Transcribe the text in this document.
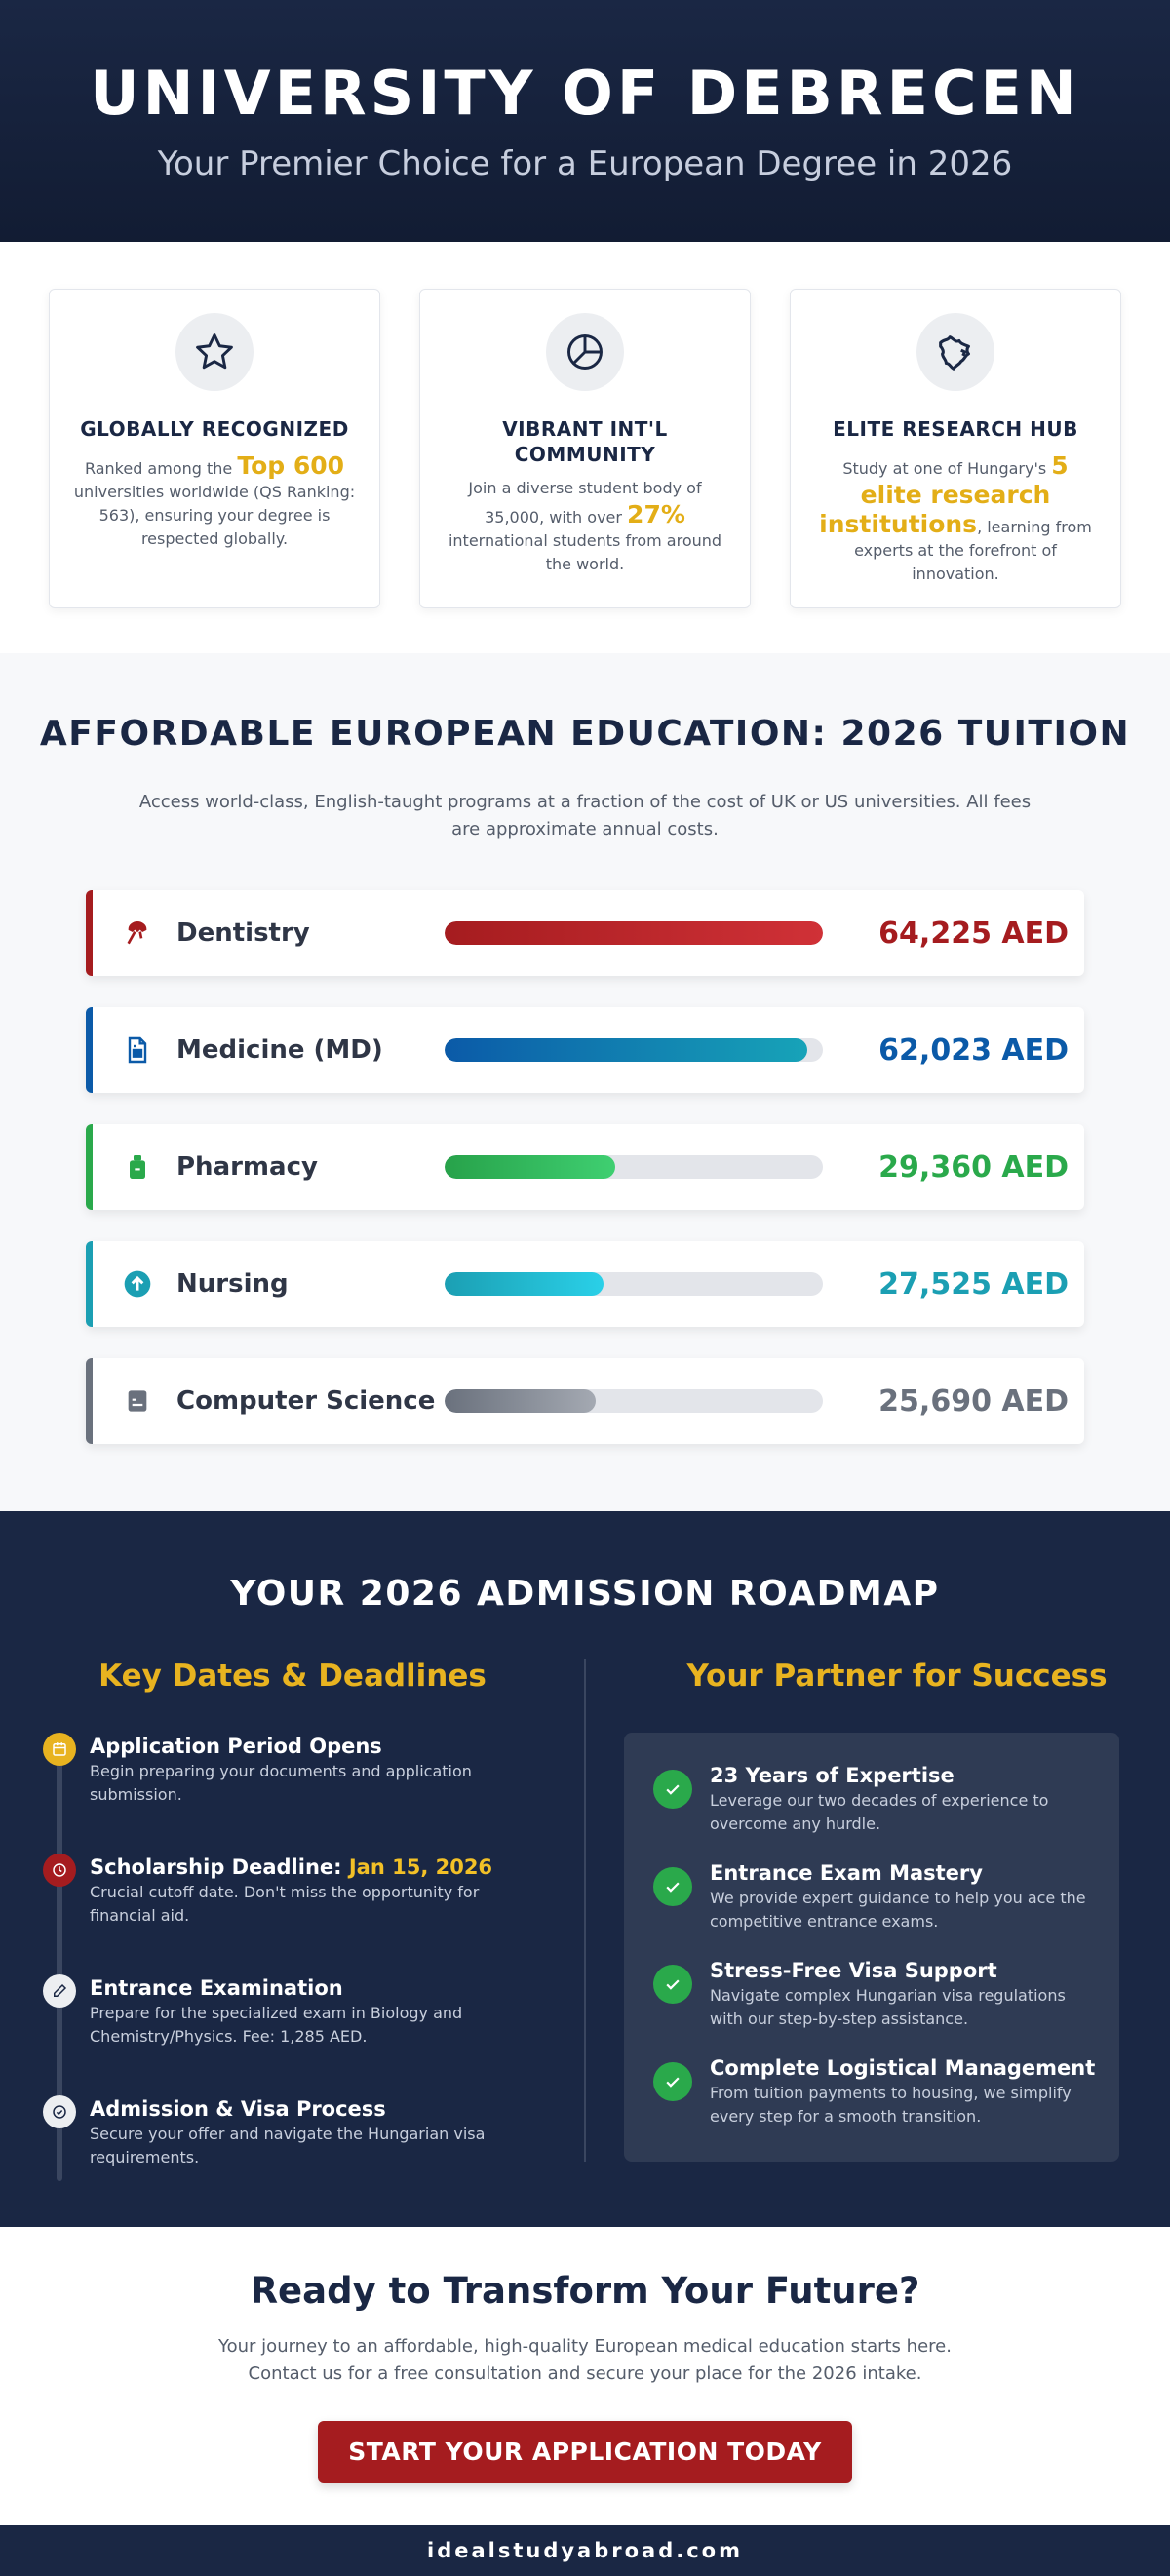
UNIVERSITY OF DEBRECEN

Your Premier Choice for a European Degree in 2026

GLOBALLY RECOGNIZED
Ranked among the Top 600 universities worldwide (QS Ranking: 563), ensuring your degree is respected globally.
VIBRANT INT'L COMMUNITY
Join a diverse student body of 35,000, with over 27% international students from around the world.
ELITE RESEARCH HUB
Study at one of Hungary's 5 elite research institutions, learning from experts at the forefront of innovation.
AFFORDABLE EUROPEAN EDUCATION: 2026 TUITION

Access world-class, English-taught programs at a fraction of the cost of UK or US universities. All fees are approximate annual costs.

Dentistry	64,225 AED
Medicine (MD)	62,023 AED
Pharmacy	29,360 AED
Nursing	27,525 AED
Computer Science	25,690 AED
YOUR 2026 ADMISSION ROADMAP
Key Dates & Deadlines
Application Period Opens

Begin preparing your documents and application submission.

Scholarship Deadline: Jan 15, 2026

Crucial cutoff date. Don't miss the opportunity for financial aid.

Entrance Examination

Prepare for the specialized exam in Biology and Chemistry/Physics. Fee: 1,285 AED.

Admission & Visa Process

Secure your offer and navigate the Hungarian visa requirements.

Your Partner for Success
23 Years of Expertise

Leverage our two decades of experience to overcome any hurdle.

Entrance Exam Mastery

We provide expert guidance to help you ace the competitive entrance exams.

Stress-Free Visa Support

Navigate complex Hungarian visa regulations with our step-by-step assistance.

Complete Logistical Management

From tuition payments to housing, we simplify every step for a smooth transition.

Ready to Transform Your Future?

Your journey to an affordable, high-quality European medical education starts here.
Contact us for a free consultation and secure your place for the 2026 intake.

START YOUR APPLICATION TODAY
idealstudyabroad.com
